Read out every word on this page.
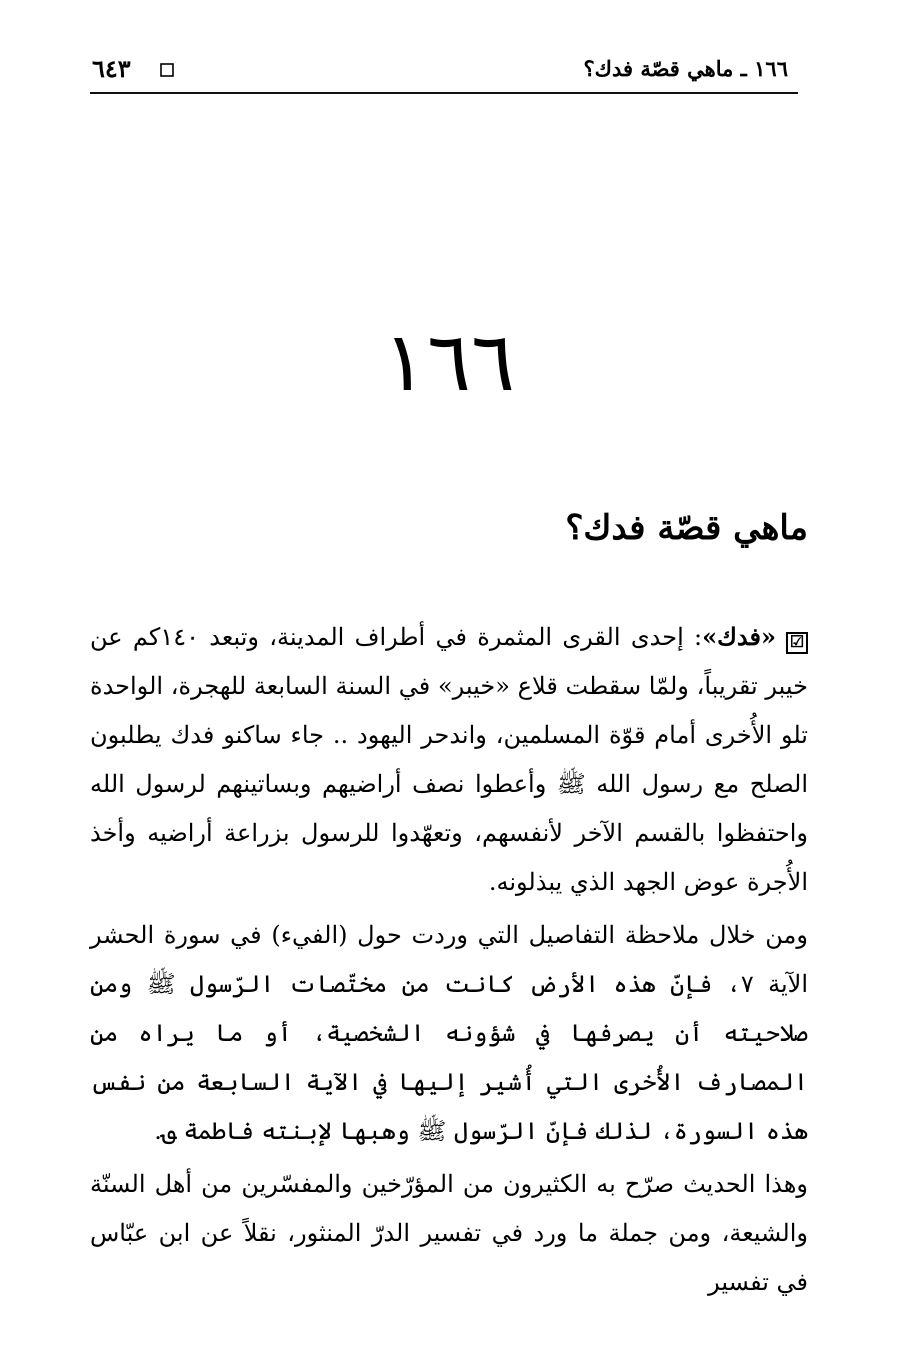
١٦٦ ـ ماهي قصّة فدك؟
٦٤٣
١٦٦
ماهي قصّة فدك؟

☑«فدك»: إحدى القرى المثمرة في أطراف المدينة، وتبعد ١٤٠كم عن خيبر تقريباً، ولمّا سقطت قلاع «خيبر» في السنة السابعة للهجرة، الواحدة تلو الأُخرى أمام قوّة المسلمين، واندحر اليهود .. جاء ساكنو فدك يطلبون الصلح مع رسول الله ﷺ وأعطوا نصف أراضيهم وبساتينهم لرسول الله واحتفظوا بالقسم الآخر لأنفسهم، وتعهّدوا للرسول بزراعة أراضيه وأخذ الأُجرة عوض الجهد الذي يبذلونه.

ومن خلال ملاحظة التفاصيل التي وردت حول (الفيء) في سورة الحشر الآية ٧، فإنّ هذه الأرض كانت من مختّصات الرّسول ﷺ ومن صلاحيته أن يصرفها في شؤونه الشخصية، أو ما يراه من المصارف الأُخرى التي أُشير إليها في الآية السابعة من نفس هذه السورة، لذلك فإنّ الرّسول ﷺ وهبها لإبنته فاطمة ؈.

وهذا الحديث صرّح به الكثيرون من المؤرّخين والمفسّرين من أهل السنّة والشيعة، ومن جملة ما ورد في تفسير الدرّ المنثور، نقلاً عن ابن عبّاس في تفسير
